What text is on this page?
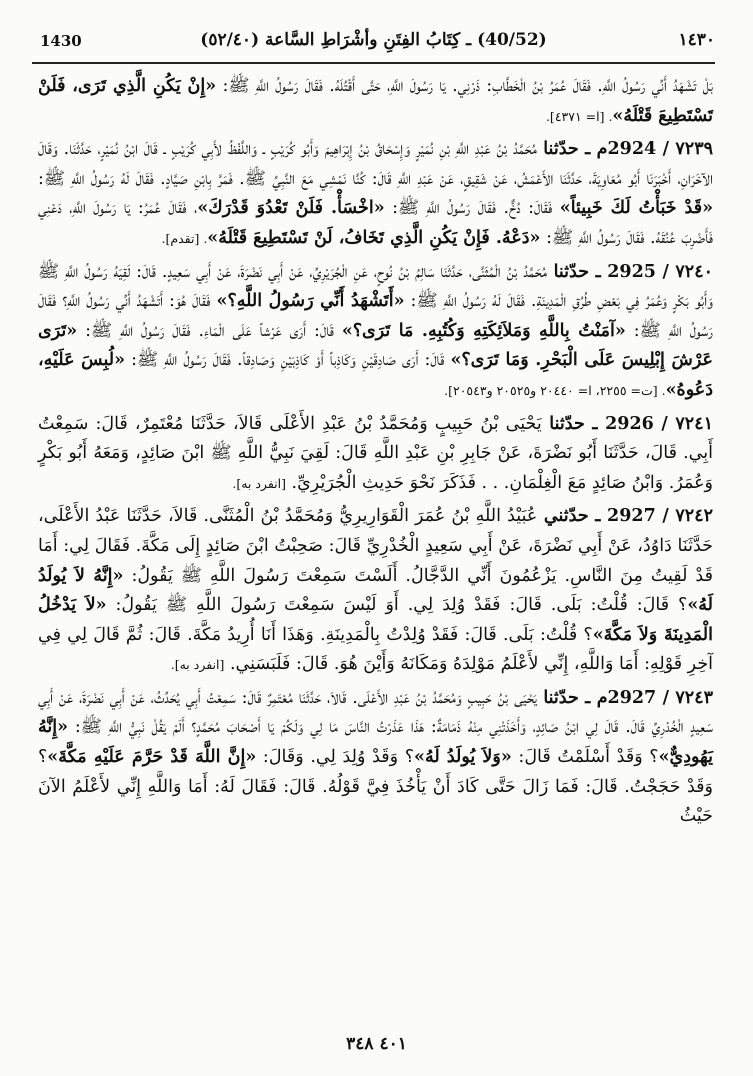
1430	(40/52) ـ كِتَابُ الفِتَنِ وأشْرَاطِ السَّاعة (٥٢/٤٠)	١٤٣٠

بَلْ تَشْهَدُ أَنِّي رَسُولُ اللَّهِ. فَقَالَ عُمَرُ بْنُ الْخَطَّابِ: ذَرْنِي. يَا رَسُولَ اللَّهِ، حَتَّى أَقْتُلَهُ. فَقَالَ رَسُولُ اللَّهِ ﷺ: «إِنْ يَكُنِ الَّذِي تَرَى، فَلَنْ تَسْتَطِيعَ قَتْلَهُ». [ا= ٤٣٧١].

٧٢٣٩ / 2924م ـ حدّثنا مُحَمَّدُ بْنُ عَبْدِ اللَّهِ بْنِ نُمَيْرٍ وَإِسْحَاقُ بْنُ إِبْرَاهِيمَ وَأَبُو كُرَيْبٍ ـ وَاللَّفْظُ لأَبِي كُرَيْبٍ ـ قَالَ ابْنُ نُمَيْرٍ، حَدَّثَنَا. وَقَالَ الآخَرَانِ، أَخْبَرَنَا أَبُو مُعَاوِيَةَ، حَدَّثَنَا الأَعْمَشُ، عَنْ شَقِيقٍ، عَنْ عَبْدِ اللَّهِ قَالَ: كُنَّا نَمْشِي مَعَ النَّبِيِّ ﷺ. فَمَرَّ بِابْنِ صَيَّادٍ. فَقَالَ لَهُ رَسُولُ اللَّهِ ﷺ: «قَدْ خَبَأْتُ لَكَ خَبِيئاً» فَقَالَ: دُخٌّ. فَقَالَ رَسُولُ اللَّهِ ﷺ: «اخْسَأْ. فَلَنْ تَعْدُوَ قَدْرَكَ»، فَقَالَ عُمَرُ: يَا رَسُولَ اللَّهِ، دَعْنِي فَأَضْرِبَ عُنُقَهُ. فَقَالَ رَسُولُ اللَّهِ ﷺ: «دَعْهُ. فَإِنْ يَكُنِ الَّذِي تَخَافُ، لَنْ تَسْتَطِيعَ قَتْلَهُ». [تقدم].

٧٢٤٠ / 2925 ـ حدّثنا مُحَمَّدُ بْنُ الْمُثَنَّى، حَدَّثَنَا سَالِمُ بْنُ نُوحٍ، عَنِ الْجُرَيْرِيِّ، عَنْ أَبِي نَضْرَةَ، عَنْ أَبِي سَعِيدٍ. قَالَ: لَقِيَهُ رَسُولُ اللَّهِ ﷺ وَأَبُو بَكْرٍ وَعُمَرُ فِي بَعْضِ طُرُقِ الْمَدِينَةِ. فَقَالَ لَهُ رَسُولُ اللَّهِ ﷺ: «أَتَشْهَدُ أَنِّي رَسُولُ اللَّهِ؟» فَقَالَ هُوَ: أَتَشْهَدُ أَنِّي رَسُولُ اللَّهِ؟ فَقَالَ رَسُولُ اللَّهِ ﷺ: «آمَنْتُ بِاللَّهِ وَمَلاَئِكَتِهِ وَكُتُبِهِ. مَا تَرَى؟» قَالَ: أَرَى عَرْشاً عَلَى الْمَاءِ. فَقَالَ رَسُولُ اللَّهِ ﷺ: «تَرَى عَرْشَ إِبْلِيسَ عَلَى الْبَحْرِ. وَمَا تَرَى؟» قَالَ: أَرَى صَادِقَيْنِ وَكَاذِباً أَوْ كَاذِبَيْنِ وَصَادِقاً. فَقَالَ رَسُولُ اللَّهِ ﷺ: «لُبِسَ عَلَيْهِ، دَعُوهُ». [ت= ٢٢٥٥، ا= ٢٠٤٤٠ و٢٠٥٢٥ و٢٠٥٤٣].

٧٢٤١ / 2926 ـ حدّثنا يَحْيَى بْنُ حَبِيبٍ وَمُحَمَّدُ بْنُ عَبْدِ الأَعْلَى قَالاَ، حَدَّثَنَا مُعْتَمِرٌ، قَالَ: سَمِعْتُ أَبِي. قَالَ، حَدَّثَنَا أَبُو نَضْرَةَ، عَنْ جَابِرِ بْنِ عَبْدِ اللَّهِ قَالَ: لَقِيَ نَبِيُّ اللَّهِ ﷺ ابْنَ صَائِدٍ، وَمَعَهُ أَبُو بَكْرٍ وَعُمَرُ. وَابْنُ صَائِدٍ مَعَ الْغِلْمَانِ. . . فَذَكَرَ نَحْوَ حَدِيثِ الْجُرَيْرِيِّ. [انفرد به].

٧٢٤٢ / 2927 ـ حدّثني عُبَيْدُ اللَّهِ بْنُ عُمَرَ الْقَوَارِيرِيُّ وَمُحَمَّدُ بْنُ الْمُثَنَّى. قَالاَ، حَدَّثَنَا عَبْدُ الأَعْلَى، حَدَّثَنَا دَاوُدُ، عَنْ أَبِي نَضْرَةَ، عَنْ أَبِي سَعِيدٍ الْخُدْرِيِّ قَالَ: صَحِبْتُ ابْنَ صَائِدٍ إِلَى مَكَّةَ. فَقَالَ لِي: أَمَا قَدْ لَقِيتُ مِنَ النَّاسِ. يَزْعُمُونَ أَنِّي الدَّجَّالُ. أَلَسْتَ سَمِعْتَ رَسُولَ اللَّهِ ﷺ يَقُولُ: «إِنَّهُ لاَ يُولَدُ لَهُ»؟ قَالَ: قُلْتُ: بَلَى. قَالَ: فَقَدْ وُلِدَ لِي. أَوَ لَيْسَ سَمِعْتَ رَسُولَ اللَّهِ ﷺ يَقُولُ: «لاَ يَدْخُلُ الْمَدِينَةَ وَلاَ مَكَّةَ»؟ قُلْتُ: بَلَى. قَالَ: فَقَدْ وُلِدْتُ بِالْمَدِينَةِ. وَهَذَا أَنَا أُرِيدُ مَكَّةَ. قَالَ: ثُمَّ قَالَ لِي فِي آخِرِ قَوْلِهِ: أَمَا وَاللَّهِ، إِنِّي لأَعْلَمُ مَوْلِدَهُ وَمَكَانَهُ وَأَيْنَ هُوَ. قَالَ: فَلَبَسَنِي. [انفرد به].

٧٢٤٣ / 2927م ـ حدّثنا يَحْيَى بْنُ حَبِيبٍ وَمُحَمَّدُ بْنُ عَبْدِ الأَعْلَى. قَالاَ، حَدَّثَنَا مُعْتَمِرٌ قَالَ: سَمِعْتُ أَبِي يُحَدِّثُ، عَنْ أَبِي نَضْرَةَ، عَنْ أَبِي سَعِيدٍ الْخُدْرِيِّ قَالَ. قَالَ لِي ابْنُ صَائِدٍ، وَأَخَذَتْنِي مِنْهُ ذَمَامَةٌ: هَذَا عَذَرْتُ النَّاسَ مَا لِي وَلَكُمْ يَا أَصْحَابَ مُحَمَّدٍ؟ أَلَمْ يَقُلْ نَبِيُّ اللَّهِ ﷺ: «إِنَّهُ يَهُودِيٌّ»؟ وَقَدْ أَسْلَمْتُ قَالَ: «وَلاَ يُولَدُ لَهُ»؟ وَقَدْ وُلِدَ لِي. وَقَالَ: «إِنَّ اللَّهَ قَدْ حَرَّمَ عَلَيْهِ مَكَّةَ»؟ وَقَدْ حَجَجْتُ. قَالَ: فَمَا زَالَ حَتَّى كَادَ أَنْ يَأْخُذَ فِيَّ قَوْلُهُ. قَالَ: فَقَالَ لَهُ: أَمَا وَاللَّهِ إِنِّي لأَعْلَمُ الآنَ حَيْثُ

٤٠١ ٣٤٨
